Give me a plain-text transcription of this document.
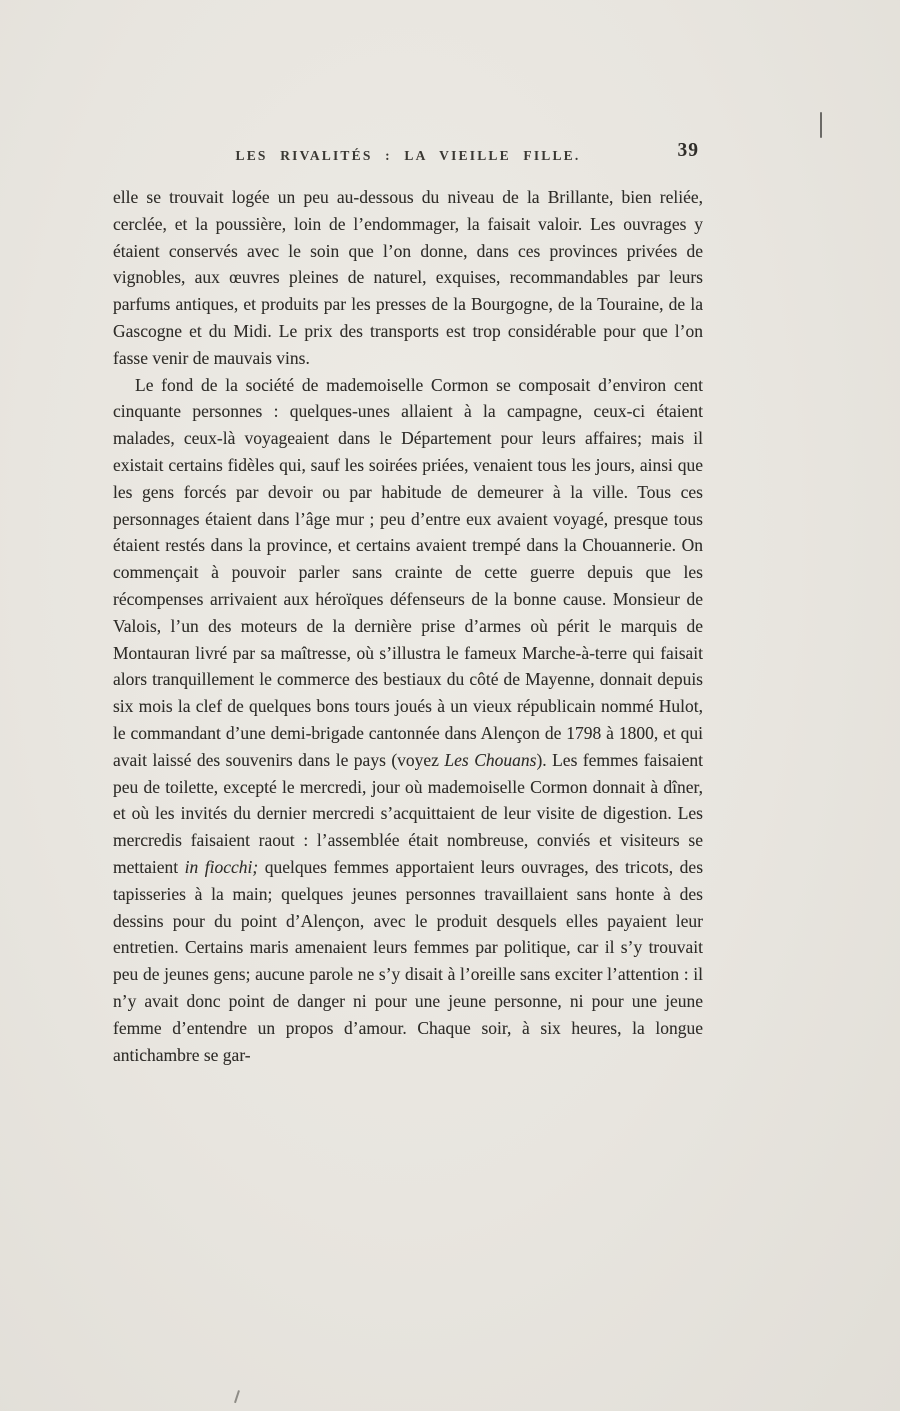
LES RIVALITÉS : LA VIEILLE FILLE.	39

elle se trouvait logée un peu au-dessous du niveau de la Brillante, bien reliée, cerclée, et la poussière, loin de l’endommager, la faisait valoir. Les ouvrages y étaient conservés avec le soin que l’on donne, dans ces provinces privées de vignobles, aux œuvres pleines de naturel, exquises, recommandables par leurs parfums antiques, et produits par les presses de la Bourgogne, de la Touraine, de la Gascogne et du Midi. Le prix des transports est trop considérable pour que l’on fasse venir de mauvais vins.

Le fond de la société de mademoiselle Cormon se composait d’environ cent cinquante personnes : quelques-unes allaient à la campagne, ceux-ci étaient malades, ceux-là voyageaient dans le Département pour leurs affaires; mais il existait certains fidèles qui, sauf les soirées priées, venaient tous les jours, ainsi que les gens forcés par devoir ou par habitude de demeurer à la ville. Tous ces personnages étaient dans l’âge mur ; peu d’entre eux avaient voyagé, presque tous étaient restés dans la province, et certains avaient trempé dans la Chouannerie. On commençait à pouvoir parler sans crainte de cette guerre depuis que les récompenses arrivaient aux héroïques défenseurs de la bonne cause. Monsieur de Valois, l’un des moteurs de la dernière prise d’armes où périt le marquis de Montauran livré par sa maîtresse, où s’illustra le fameux Marche-à-terre qui faisait alors tranquillement le commerce des bestiaux du côté de Mayenne, donnait depuis six mois la clef de quelques bons tours joués à un vieux républicain nommé Hulot, le commandant d’une demi-brigade cantonnée dans Alençon de 1798 à 1800, et qui avait laissé des souvenirs dans le pays (voyez Les Chouans). Les femmes faisaient peu de toilette, excepté le mercredi, jour où mademoiselle Cormon donnait à dîner, et où les invités du dernier mercredi s’acquittaient de leur visite de digestion. Les mercredis faisaient raout : l’assemblée était nombreuse, conviés et visiteurs se mettaient in fiocchi; quelques femmes apportaient leurs ouvrages, des tricots, des tapisseries à la main; quelques jeunes personnes travaillaient sans honte à des dessins pour du point d’Alençon, avec le produit desquels elles payaient leur entretien. Certains maris amenaient leurs femmes par politique, car il s’y trouvait peu de jeunes gens; aucune parole ne s’y disait à l’oreille sans exciter l’attention : il n’y avait donc point de danger ni pour une jeune personne, ni pour une jeune femme d’entendre un propos d’amour. Chaque soir, à six heures, la longue antichambre se gar-
